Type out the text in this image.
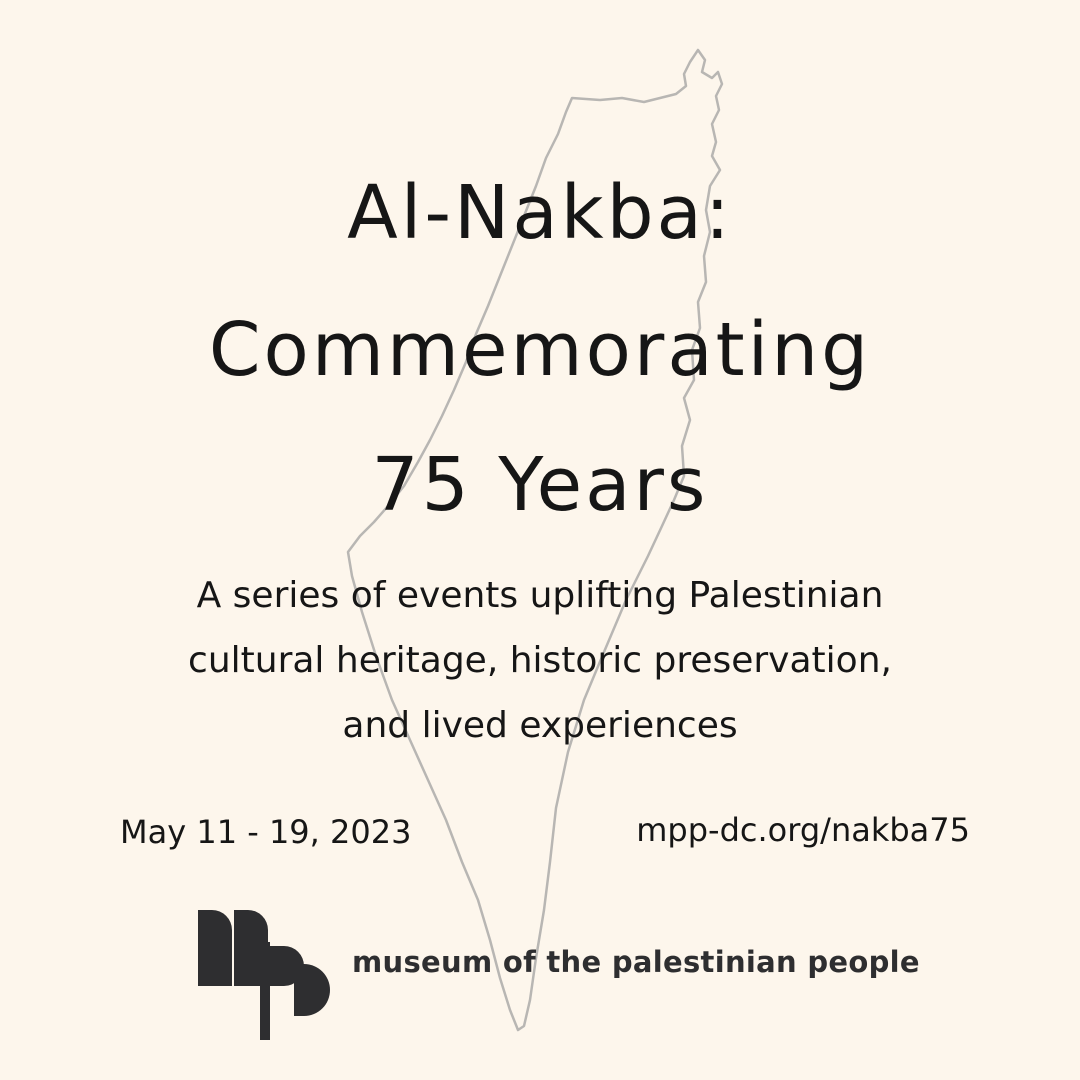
Al-Nakba:
Commemorating
75 Years

A series of events uplifting Palestinian

cultural heritage, historic preservation,

and lived experiences

May 11 - 19, 2023	mpp-dc.org/nakba75
museum of the palestinian people
